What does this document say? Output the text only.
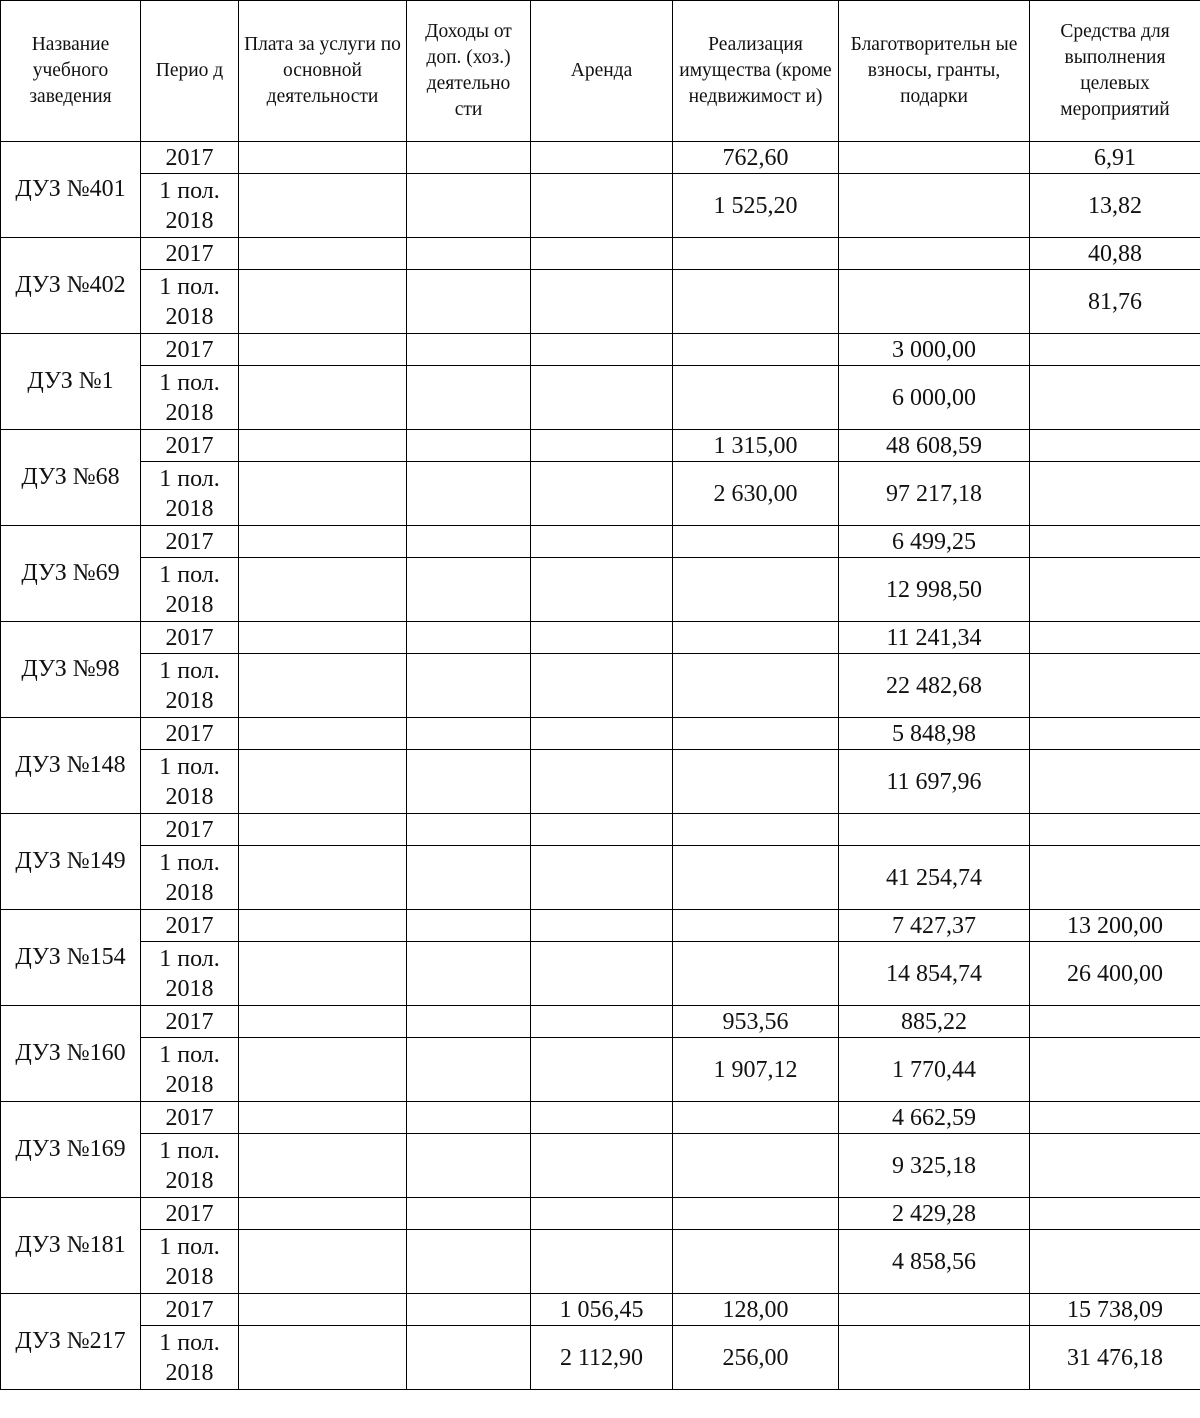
Название учебного заведения	Перио д	Плата за услуги по основной деятельности	Доходы от доп. (хоз.) деятельно сти	Аренда	Реализация имущества (кроме недвижимост и)	Благотворительн ые взносы, гранты, подарки	Средства для выполнения целевых мероприятий
ДУЗ №401	2017				762,60		6,91
	1 пол. 2018				1 525,20		13,82
ДУЗ №402	2017						40,88
	1 пол. 2018						81,76
ДУЗ №1	2017					3 000,00	
	1 пол. 2018					6 000,00	
ДУЗ №68	2017				1 315,00	48 608,59	
	1 пол. 2018				2 630,00	97 217,18	
ДУЗ №69	2017					6 499,25	
	1 пол. 2018					12 998,50	
ДУЗ №98	2017					11 241,34	
	1 пол. 2018					22 482,68	
ДУЗ №148	2017					5 848,98	
	1 пол. 2018					11 697,96	
ДУЗ №149	2017						
	1 пол. 2018					41 254,74	
ДУЗ №154	2017					7 427,37	13 200,00
	1 пол. 2018					14 854,74	26 400,00
ДУЗ №160	2017				953,56	885,22	
	1 пол. 2018				1 907,12	1 770,44	
ДУЗ №169	2017					4 662,59	
	1 пол. 2018					9 325,18	
ДУЗ №181	2017					2 429,28	
	1 пол. 2018					4 858,56	
ДУЗ №217	2017			1 056,45	128,00		15 738,09
	1 пол. 2018			2 112,90	256,00		31 476,18
